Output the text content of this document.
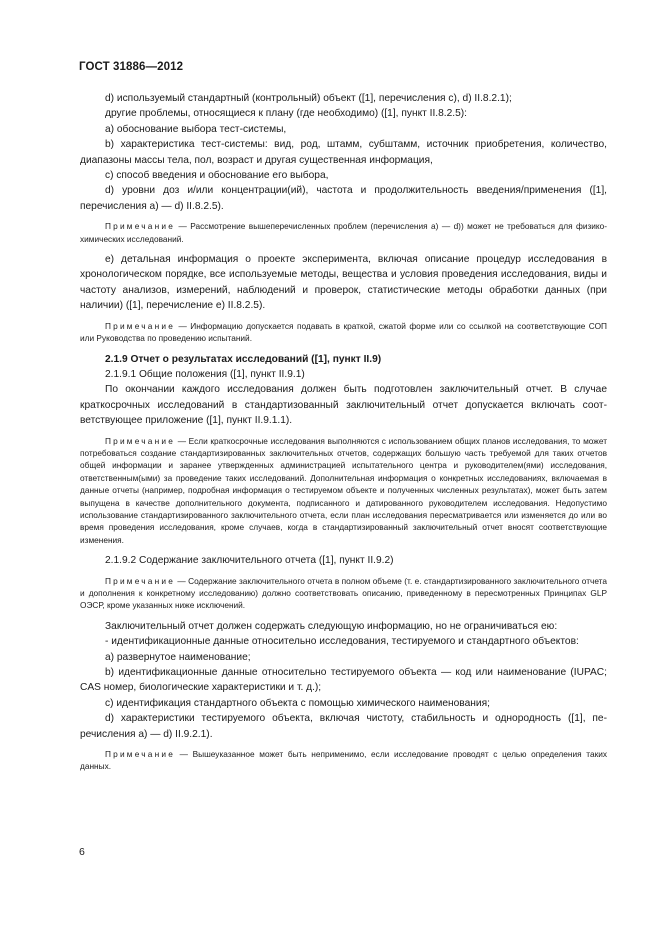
ГОСТ 31886—2012

d) используемый стандартный (контрольный) объект ([1], перечисления с), d) II.8.2.1);

другие проблемы, относящиеся к плану (где необходимо) ([1], пункт II.8.2.5):

a) обоснование выбора тест-системы,

b) характеристика тест-системы: вид, род, штамм, субштамм, источник приобретения, количество, диапазоны массы тела, пол, возраст и другая существенная информация,

c) способ введения и обоснование его выбора,

d) уровни доз и/или концентрации(ий), частота и продолжительность введения/применения ([1], перечисления a) — d) II.8.2.5).

Примечание — Рассмотрение вышеперечисленных проблем (перечисления a) — d)) может не требоваться для физико-химических исследований.

e) детальная информация о проекте эксперимента, включая описание процедур исследования в хронологическом порядке, все используемые методы, вещества и условия проведения исследования, виды и частоту анализов, измерений, наблюдений и проверок, статистические методы обработки данных (при наличии) ([1], перечисление e) II.8.2.5).

Примечание — Информацию допускается подавать в краткой, сжатой форме или со ссылкой на соответствующие СОП или Руководства по проведению испытаний.

2.1.9 Отчет о результатах исследований ([1], пункт II.9)

2.1.9.1 Общие положения ([1], пункт II.9.1)

По окончании каждого исследования должен быть подготовлен заключительный отчет. В случае краткосрочных исследований в стандартизованный заключительный отчет допускается включать соответствующее приложение ([1], пункт II.9.1.1).

Примечание — Если краткосрочные исследования выполняются с использованием общих планов исследования, то может потребоваться создание стандартизированных заключительных отчетов, содержащих большую часть требуемой для таких отчетов общей информации и заранее утвержденных администрацией испытательного центра и руководителем(ями) исследования, ответственным(ыми) за проведение таких исследований. Дополнительная информация о конкретных исследованиях, включаемая в данные отчеты (например, подробная информация о тестируемом объекте и полученных численных результатах), может быть затем выпущена в качестве дополнительного документа, подписанного и датированного руководителем исследования. Недопустимо использование стандартизированного заключительного отчета, если план исследования пересматривается или изменяется до или во время проведения исследования, кроме случаев, когда в стандартизированный заключительный отчет вносят соответствующие изменения.

2.1.9.2 Содержание заключительного отчета ([1], пункт II.9.2)

Примечание — Содержание заключительного отчета в полном объеме (т. е. стандартизированного заключительного отчета и дополнения к конкретному исследованию) должно соответствовать описанию, приведенному в пересмотренных Принципах GLP ОЭСР, кроме указанных ниже исключений.

Заключительный отчет должен содержать следующую информацию, но не ограничиваться ею:

- идентификационные данные относительно исследования, тестируемого и стандартного объектов:

a) развернутое наименование;

b) идентификационные данные относительно тестируемого объекта — код или наименование (IUPAC; CAS номер, биологические характеристики и т. д.);

c) идентификация стандартного объекта с помощью химического наименования;

d) характеристики тестируемого объекта, включая чистоту, стабильность и однородность ([1], перечисления a) — d) II.9.2.1).

Примечание — Вышеуказанное может быть неприменимо, если исследование проводят с целью определения таких данных.

6
